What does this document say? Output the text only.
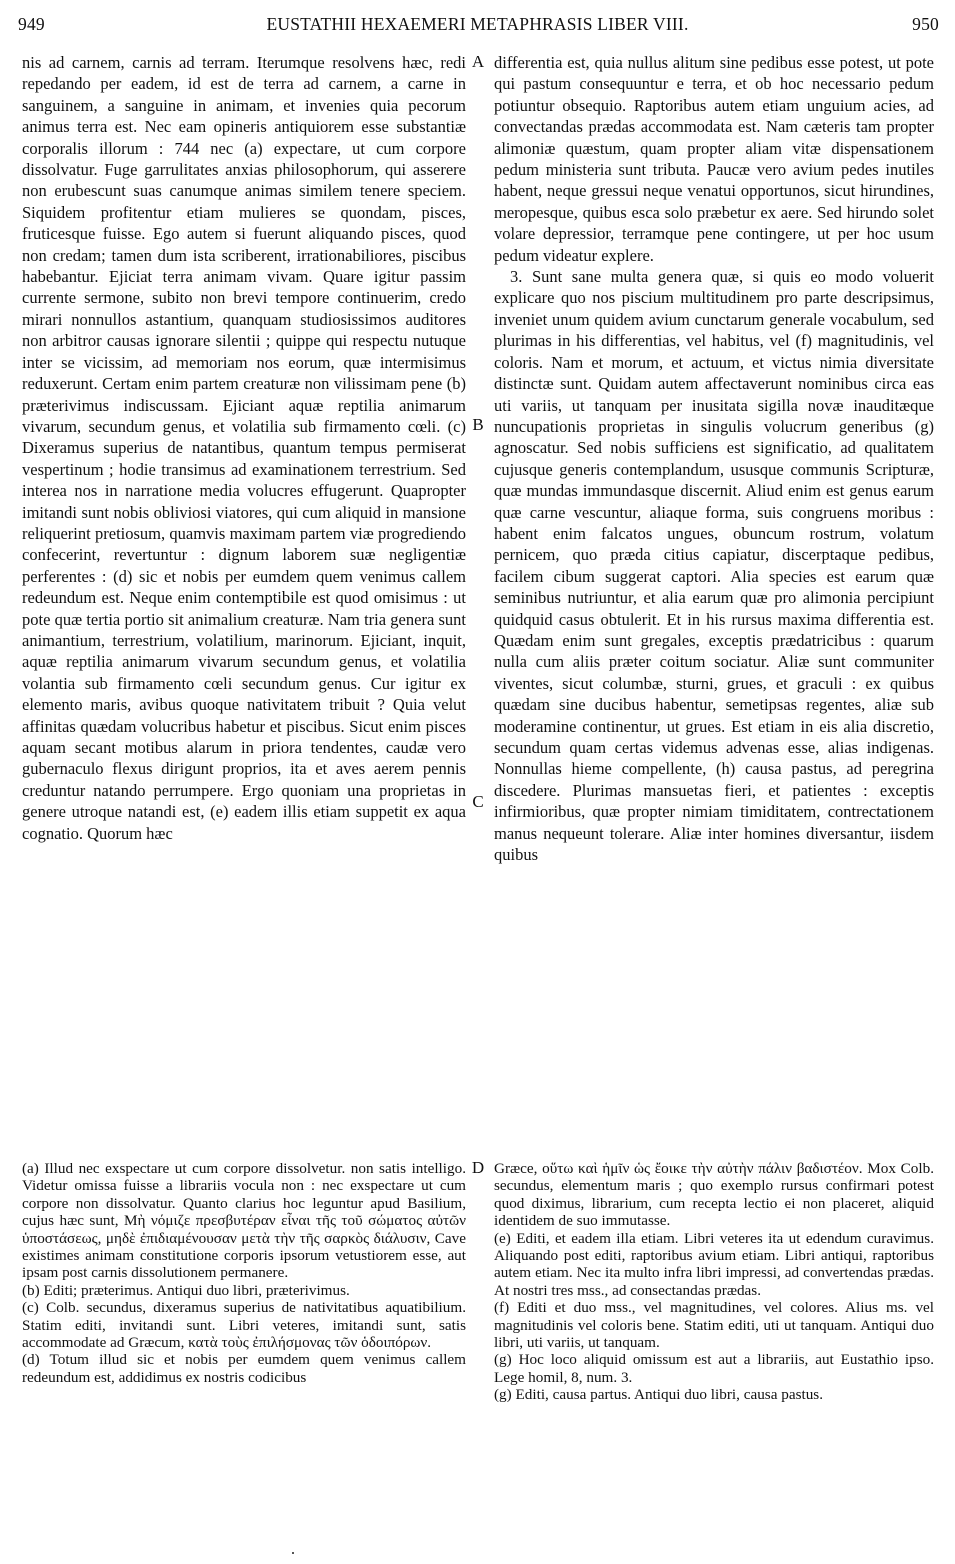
949	EUSTATHII HEXAEMERI METAPHRASIS LIBER VIII.	950

nis ad carnem, carnis ad terram. Iterumque resolvens hæc, redi repedando per eadem, id est de terra ad carnem, a carne in sanguinem, a sanguine in animam, et invenies quia pecorum animus terra est. Nec eam opineris antiquiorem esse substantiæ corporalis illorum : 744 nec (a) expectare, ut cum corpore dissolvatur. Fuge garrulitates anxias philosophorum, qui asserere non erubescunt suas canumque animas similem tenere speciem. Siquidem profitentur etiam mulieres se quondam, pisces, fruticesque fuisse. Ego autem si fuerunt aliquando pisces, quod non credam; tamen dum ista scriberent, irrationabiliores, piscibus habebantur. Ejiciat terra animam vivam. Quare igitur passim currente sermone, subito non brevi tempore continuerim, credo mirari nonnullos astantium, quanquam studiosissimos auditores non arbitror causas ignorare silentii ; quippe qui respectu nutuque inter se vicissim, ad memoriam nos eorum, quæ intermisimus reduxerunt. Certam enim partem creaturæ non vilissimam pene (b) præterivimus indiscussam. Ejiciant aquæ reptilia animarum vivarum, secundum genus, et volatilia sub firmamento cœli. (c) Dixeramus superius de natantibus, quantum tempus permiserat vespertinum ; hodie transimus ad examinationem terrestrium. Sed interea nos in narratione media volucres effugerunt. Quapropter imitandi sunt nobis obliviosi viatores, qui cum aliquid in mansione reliquerint pretiosum, quamvis maximam partem viæ progrediendo confecerint, revertuntur : dignum laborem suæ negligentiæ perferentes : (d) sic et nobis per eumdem quem venimus callem redeundum est. Neque enim contemptibile est quod omisimus : ut pote quæ tertia portio sit animalium creaturæ. Nam tria genera sunt animantium, terrestrium, volatilium, marinorum. Ejiciant, inquit, aquæ reptilia animarum vivarum secundum genus, et volatilia volantia sub firmamento cœli secundum genus. Cur igitur ex elemento maris, avibus quoque nativitatem tribuit ? Quia velut affinitas quædam volucribus habetur et piscibus. Sicut enim pisces aquam secant motibus alarum in priora tendentes, caudæ vero gubernaculo flexus dirigunt proprios, ita et aves aerem pennis creduntur natando perrumpere. Ergo quoniam una proprietas in genere utroque natandi est, (e) eadem illis etiam suppetit ex aqua cognatio. Quorum hæc

differentia est, quia nullus alitum sine pedibus esse potest, ut pote qui pastum consequuntur e terra, et ob hoc necessario pedum potiuntur obsequio. Raptoribus autem etiam unguium acies, ad convectandas prædas accommodata est. Nam cæteris tam propter alimoniæ quæstum, quam propter aliam vitæ dispensationem pedum ministeria sunt tributa. Paucæ vero avium pedes inutiles habent, neque gressui neque venatui opportunos, sicut hirundines, meropesque, quibus esca solo præbetur ex aere. Sed hirundo solet volare depressior, terramque pene contingere, ut per hoc usum pedum videatur explere.

3. Sunt sane multa genera quæ, si quis eo modo voluerit explicare quo nos piscium multitudinem pro parte descripsimus, inveniet unum quidem avium cunctarum generale vocabulum, sed plurimas in his differentias, vel habitus, vel (f) magnitudinis, vel coloris. Nam et morum, et actuum, et victus nimia diversitate distinctæ sunt. Quidam autem affectaverunt nominibus circa eas uti variis, ut tanquam per inusitata sigilla novæ inauditæque nuncupationis proprietas in singulis volucrum generibus (g) agnoscatur. Sed nobis sufficiens est significatio, ad qualitatem cujusque generis contemplandum, ususque communis Scripturæ, quæ mundas immundasque discernit. Aliud enim est genus earum quæ carne vescuntur, aliaque forma, suis congruens moribus : habent enim falcatos ungues, obuncum rostrum, volatum pernicem, quo præda citius capiatur, discerptaque pedibus, facilem cibum suggerat captori. Alia species est earum quæ seminibus nutriuntur, et alia earum quæ pro alimonia percipiunt quidquid casus obtulerit. Et in his rursus maxima differentia est. Quædam enim sunt gregales, exceptis prædatricibus : quarum nulla cum aliis præter coitum sociatur. Aliæ sunt communiter viventes, sicut columbæ, sturni, grues, et graculi : ex quibus quædam sine ducibus habentur, semetipsas regentes, aliæ sub moderamine continentur, ut grues. Est etiam in eis alia discretio, secundum quam certas videmus advenas esse, alias indigenas. Nonnullas hieme compellente, (h) causa pastus, ad peregrina discedere. Plurimas mansuetas fieri, et patientes : exceptis infirmioribus, quæ propter nimiam timiditatem, contrectationem manus nequeunt tolerare. Aliæ inter homines diversantur, iisdem quibus

A
B
C
D

(a) Illud nec exspectare ut cum corpore dissolvetur. non satis intelligo. Videtur omissa fuisse a librariis vocula non : nec exspectare ut cum corpore non dissolvatur. Quanto clarius hoc leguntur apud Basilium, cujus hæc sunt, Μὴ νόμιζε πρεσβυτέραν εἶναι τῆς τοῦ σώματος αὐτῶν ὑποστάσεως, μηδὲ ἐπιδιαμένουσαν μετὰ τὴν τῆς σαρκὸς διάλυσιν, Cave existimes animam constitutione corporis ipsorum vetustiorem esse, aut ipsam post carnis dissolutionem permanere.

(b) Editi; præterimus. Antiqui duo libri, præterivimus.

(c) Colb. secundus, dixeramus superius de nativitatibus aquatibilium. Statim editi, invitandi sunt. Libri veteres, imitandi sunt, satis accommodate ad Græcum, κατὰ τοὺς ἐπιλήσμονας τῶν ὁδοιπόρων.

(d) Totum illud sic et nobis per eumdem quem venimus callem redeundum est, addidimus ex nostris codicibus

Græce, οὕτω καὶ ἡμῖν ὡς ἔοικε τὴν αὐτὴν πάλιν βαδιστέον. Mox Colb. secundus, elementum maris ; quo exemplo rursus confirmari potest quod diximus, librarium, cum recepta lectio ei non placeret, aliquid identidem de suo immutasse.

(e) Editi, et eadem illa etiam. Libri veteres ita ut edendum curavimus. Aliquando post editi, raptoribus avium etiam. Libri antiqui, raptoribus autem etiam. Nec ita multo infra libri impressi, ad convertendas prædas. At nostri tres mss., ad consectandas prædas.

(f) Editi et duo mss., vel magnitudines, vel colores. Alius ms. vel magnitudinis vel coloris bene. Statim editi, uti ut tanquam. Antiqui duo libri, uti variis, ut tanquam.

(g) Hoc loco aliquid omissum est aut a librariis, aut Eustathio ipso. Lege homil, 8, num. 3.

(g) Editi, causa partus. Antiqui duo libri, causa pastus.
